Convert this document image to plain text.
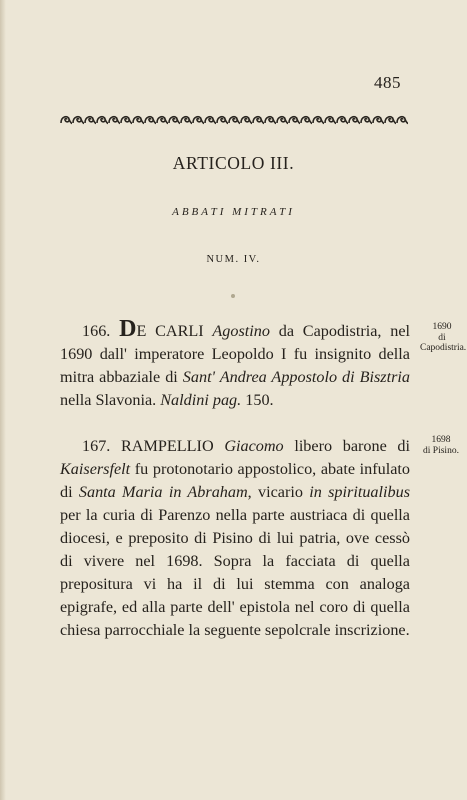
485
ARTICOLO III.
ABBATI MITRATI
NUM. IV.

166. DE CARLI Agostino da Capodistria, nel 1690 dall' imperatore Leopoldo I fu insignito della mitra abbaziale di Sant' Andrea Appostolo di Bisztria nella Slavonia. Naldini pag. 150.

1690
di Capodistria.

167. RAMPELLIO Giacomo libero barone di Kaisersfelt fu protonotario appostolico, abate infulato di Santa Maria in Abraham, vicario in spiritualibus per la curia di Parenzo nella parte austriaca di quella diocesi, e preposito di Pisino di lui patria, ove cessò di vivere nel 1698. Sopra la facciata di quella prepositura vi ha il di lui stemma con analoga epigrafe, ed alla parte dell' epistola nel coro di quella chiesa parrocchiale la seguente sepolcrale inscrizione.

1698
di Pisino.
